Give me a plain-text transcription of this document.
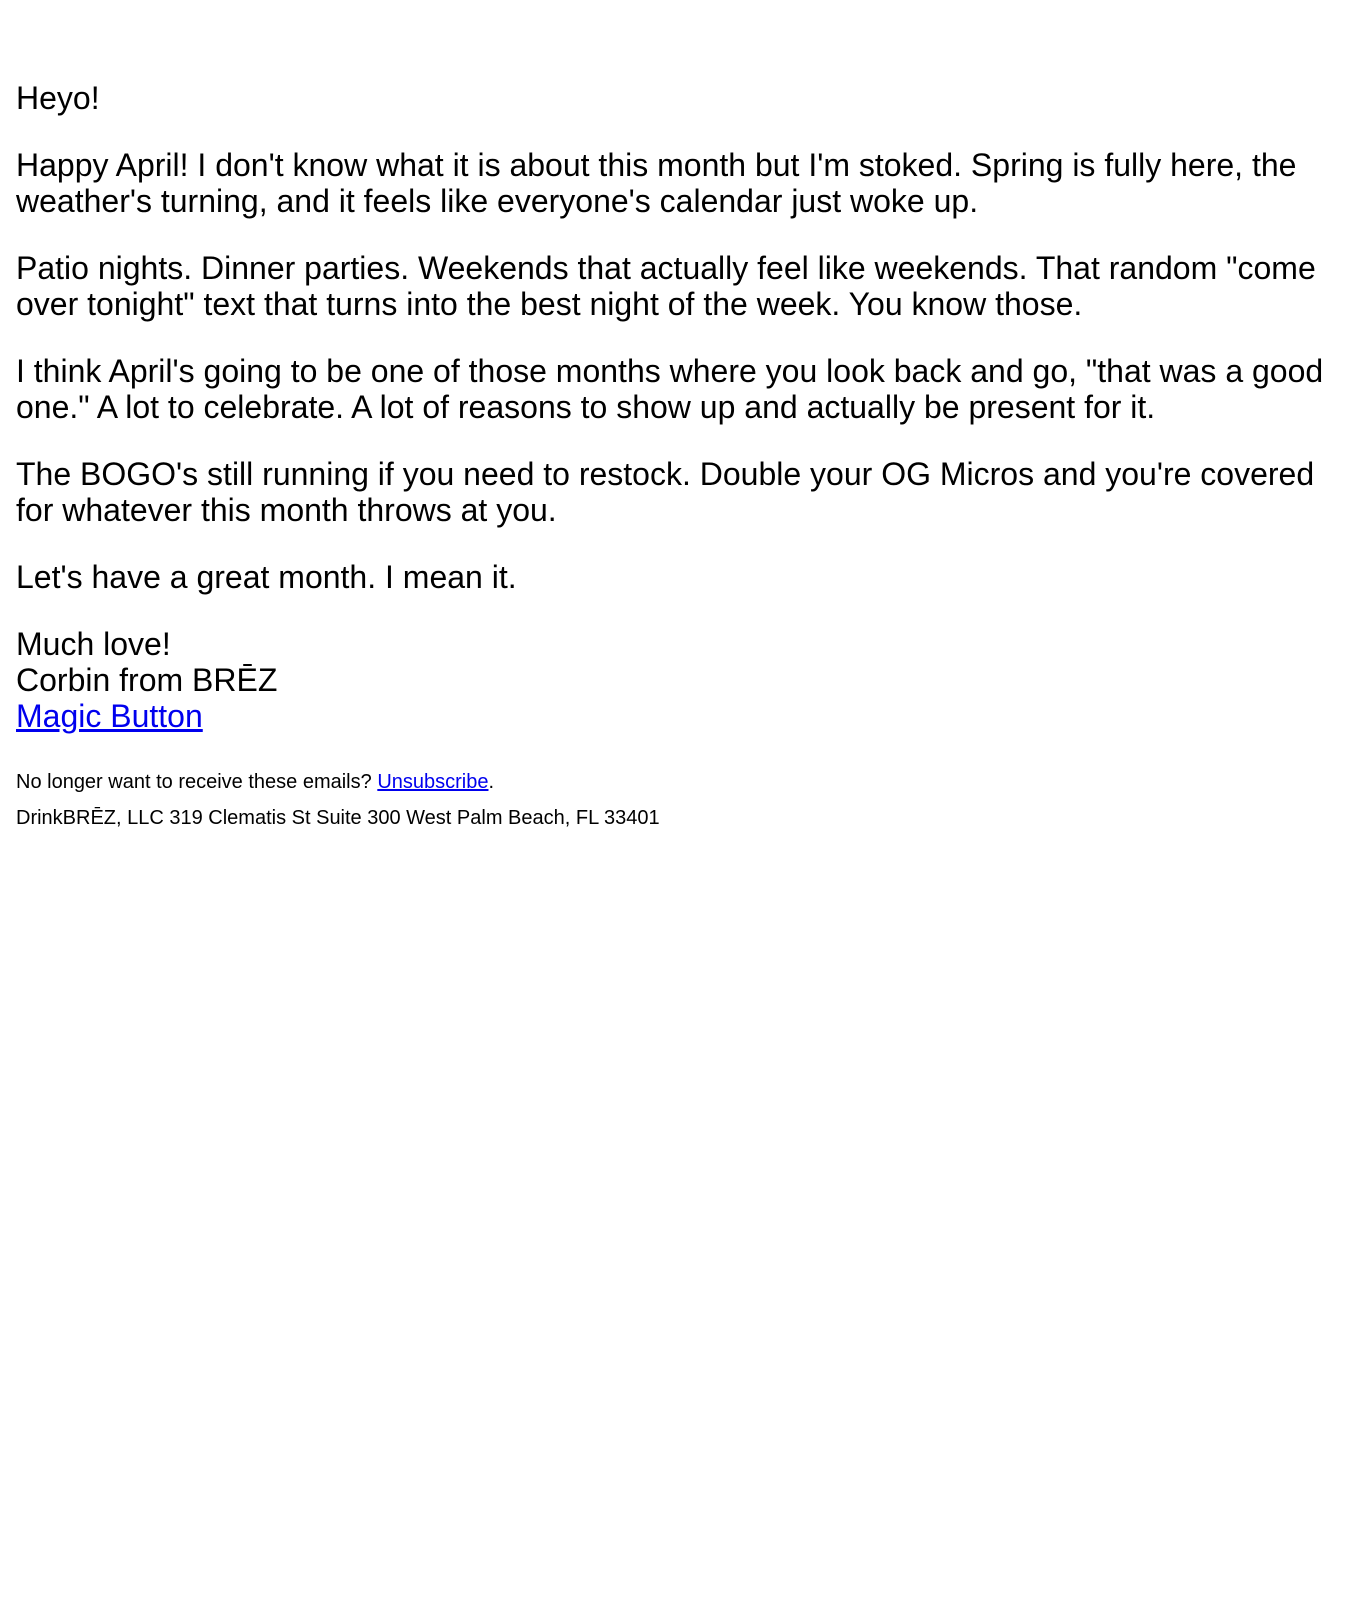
Heyo!

Happy April! I don't know what it is about this month but I'm stoked. Spring is fully here, the weather's turning, and it feels like everyone's calendar just woke up.

Patio nights. Dinner parties. Weekends that actually feel like weekends. That random "come over tonight" text that turns into the best night of the week. You know those.

I think April's going to be one of those months where you look back and go, "that was a good one." A lot to celebrate. A lot of reasons to show up and actually be present for it.

The BOGO's still running if you need to restock. Double your OG Micros and you're covered for whatever this month throws at you.

Let's have a great month. I mean it.

Much love!
Corbin from BRĒZ
Magic Button

No longer want to receive these emails? Unsubscribe.

DrinkBRĒZ, LLC 319 Clematis St Suite 300 West Palm Beach, FL 33401
